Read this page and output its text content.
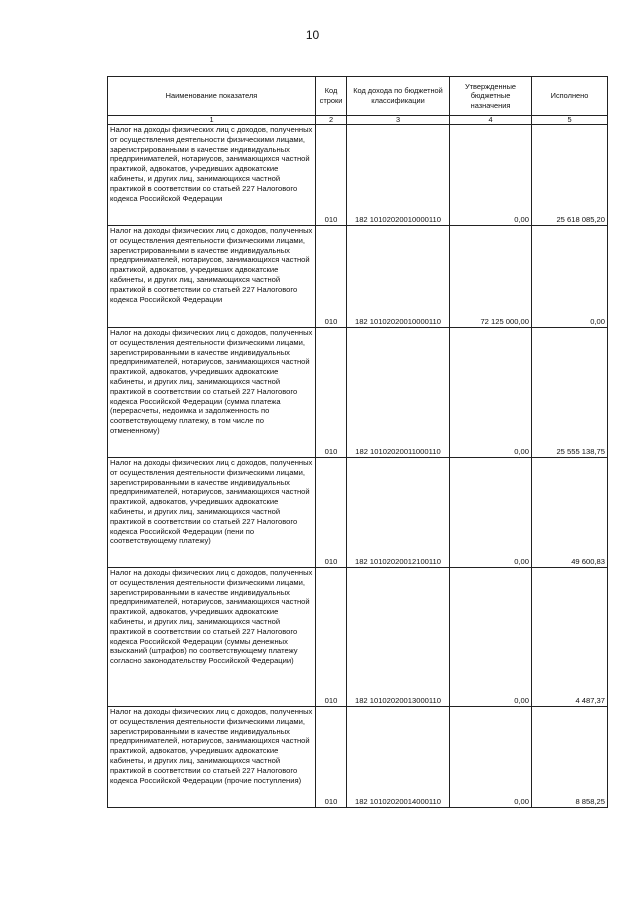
10
Наименование показателя	Код строки	Код дохода по бюджетной классификации	Утвержденные бюджетные назначения	Исполнено
1	2	3	4	5
Налог на доходы физических лиц с доходов, полученных от осуществления деятельности физическими лицами, зарегистрированными в качестве индивидуальных предпринимателей, нотариусов, занимающихся частной практикой, адвокатов, учредивших адвокатские кабинеты, и других лиц, занимающихся частной практикой в соответствии со статьей 227 Налогового кодекса Российской Федерации	010	182 10102020010000110	0,00	25 618 085,20
Налог на доходы физических лиц с доходов, полученных от осуществления деятельности физическими лицами, зарегистрированными в качестве индивидуальных предпринимателей, нотариусов, занимающихся частной практикой, адвокатов, учредивших адвокатские кабинеты, и других лиц, занимающихся частной практикой в соответствии со статьей 227 Налогового кодекса Российской Федерации	010	182 10102020010000110	72 125 000,00	0,00
Налог на доходы физических лиц с доходов, полученных от осуществления деятельности физическими лицами, зарегистрированными в качестве индивидуальных предпринимателей, нотариусов, занимающихся частной практикой, адвокатов, учредивших адвокатские кабинеты, и других лиц, занимающихся частной практикой в соответствии со статьей 227 Налогового кодекса Российской Федерации (сумма платежа (перерасчеты, недоимка и задолженность по соответствующему платежу, в том числе по отмененному)	010	182 10102020011000110	0,00	25 555 138,75
Налог на доходы физических лиц с доходов, полученных от осуществления деятельности физическими лицами, зарегистрированными в качестве индивидуальных предпринимателей, нотариусов, занимающихся частной практикой, адвокатов, учредивших адвокатские кабинеты, и других лиц, занимающихся частной практикой в соответствии со статьей 227 Налогового кодекса Российской Федерации (пени по соответствующему платежу)	010	182 10102020012100110	0,00	49 600,83
Налог на доходы физических лиц с доходов, полученных от осуществления деятельности физическими лицами, зарегистрированными в качестве индивидуальных предпринимателей, нотариусов, занимающихся частной практикой, адвокатов, учредивших адвокатские кабинеты, и других лиц, занимающихся частной практикой в соответствии со статьей 227 Налогового кодекса Российской Федерации (суммы денежных взысканий (штрафов) по соответствующему платежу согласно законодательству Российской Федерации)	010	182 10102020013000110	0,00	4 487,37
Налог на доходы физических лиц с доходов, полученных от осуществления деятельности физическими лицами, зарегистрированными в качестве индивидуальных предпринимателей, нотариусов, занимающихся частной практикой, адвокатов, учредивших адвокатские кабинеты, и других лиц, занимающихся частной практикой в соответствии со статьей 227 Налогового кодекса Российской Федерации (прочие поступления)	010	182 10102020014000110	0,00	8 858,25
